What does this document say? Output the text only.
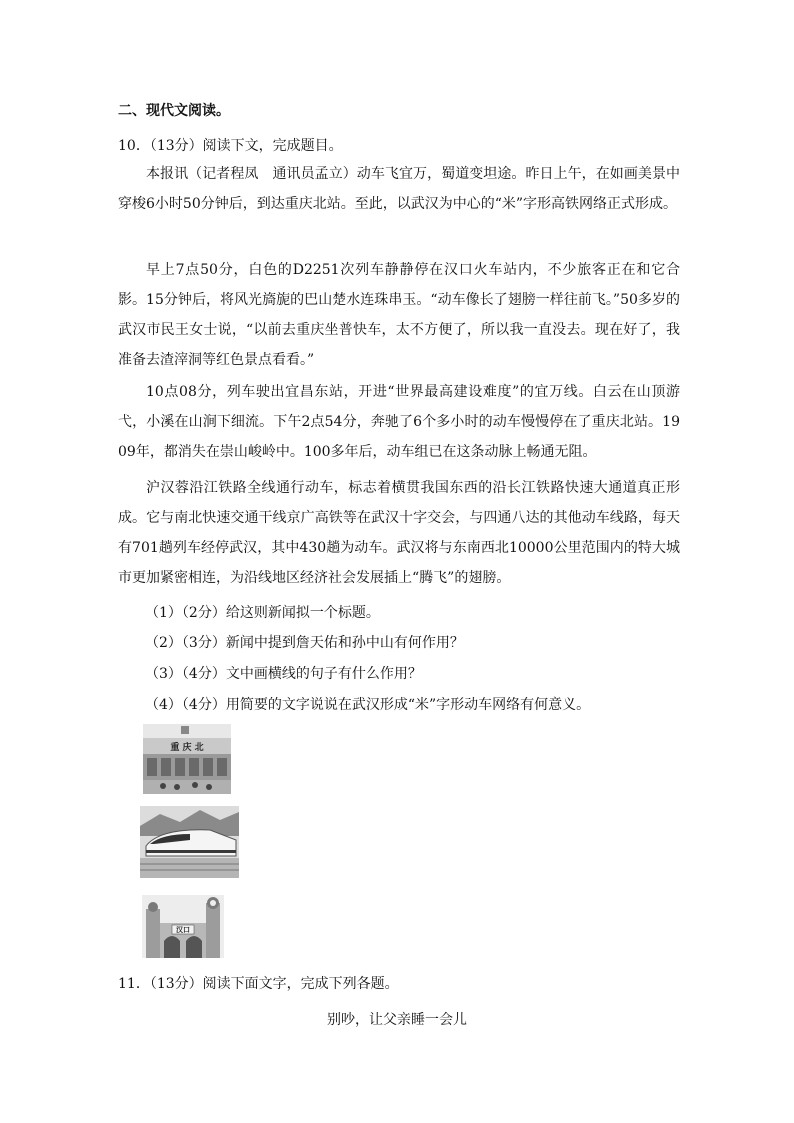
二、现代文阅读。
10．（13分）阅读下文，完成题目。
本报讯（记者程凤　通讯员孟立）动车飞宜万，蜀道变坦途。昨日上午，在如画美景中穿梭6小时50分钟后，到达重庆北站。至此，以武汉为中心的“米”字形高铁网络正式形成。
早上7点50分，白色的D2251次列车静静停在汉口火车站内，不少旅客正在和它合影。15分钟后，将风光旖旎的巴山楚水连珠串玉。“动车像长了翅膀一样往前飞。”50多岁的武汉市民王女士说，“以前去重庆坐普快车，太不方便了，所以我一直没去。现在好了，我准备去渣滓洞等红色景点看看。”
10点08分，列车驶出宜昌东站，开进“世界最高建设难度”的宜万线。白云在山顶游弋，小溪在山涧下细流。下午2点54分，奔驰了6个多小时的动车慢慢停在了重庆北站。1909年，都消失在崇山峻岭中。100多年后，动车组已在这条动脉上畅通无阻。
沪汉蓉沿江铁路全线通行动车，标志着横贯我国东西的沿长江铁路快速大通道真正形成。它与南北快速交通干线京广高铁等在武汉十字交会，与四通八达的其他动车线路，每天有701趟列车经停武汉，其中430趟为动车。武汉将与东南西北10000公里范围内的特大城市更加紧密相连，为沿线地区经济社会发展插上“腾飞”的翅膀。
（1）（2分）给这则新闻拟一个标题。
（2）（3分）新闻中提到詹天佑和孙中山有何作用？
（3）（4分）文中画横线的句子有什么作用？
（4）（4分）用简要的文字说说在武汉形成“米”字形动车网络有何意义。
重 庆 北
汉口
11．（13分）阅读下面文字，完成下列各题。
别吵，让父亲睡一会儿
